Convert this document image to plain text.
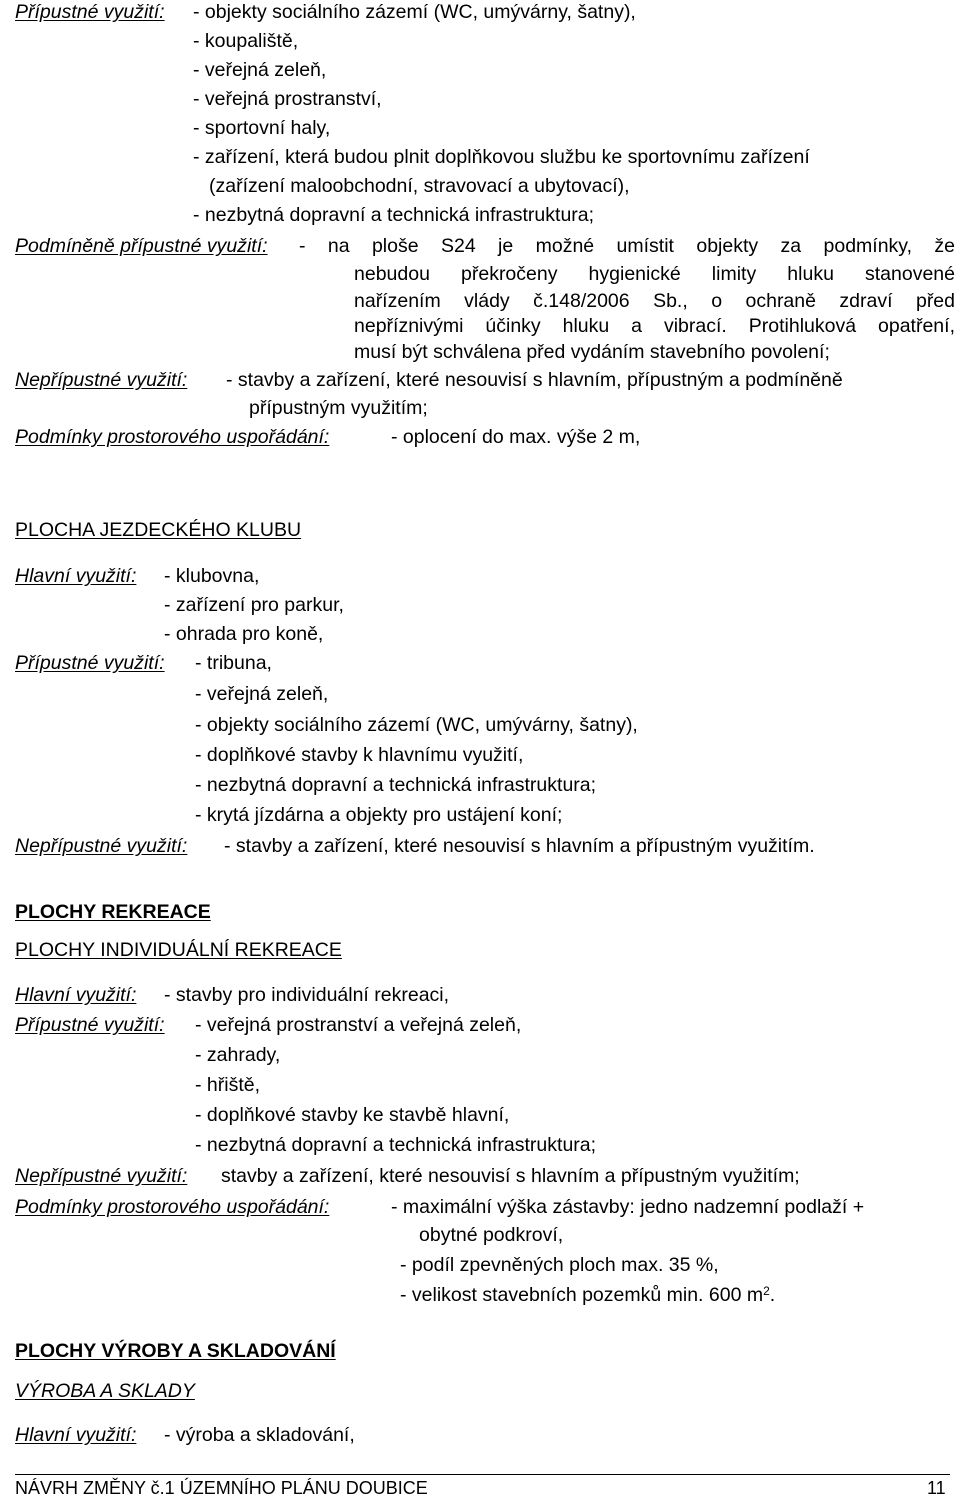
Přípustné využití: - objekty sociálního zázemí (WC, umývárny, šatny),
- koupaliště,
- veřejná zeleň,
- veřejná prostranství,
- sportovní haly,
- zařízení, která budou plnit doplňkovou službu ke sportovnímu zařízení
(zařízení maloobchodní, stravovací a ubytovací),
- nezbytná dopravní a technická infrastruktura;
Podmíněně přípustné využití: - na ploše S24 je možné umístit objekty za podmínky, že
nebudou překročeny hygienické limity hluku stanovené
nařízením vlády č.148/2006 Sb., o ochraně zdraví před
nepříznivými účinky hluku a vibrací. Protihluková opatření,
musí být schválena před vydáním stavebního povolení;
Nepřípustné využití: - stavby a zařízení, které nesouvisí s hlavním, přípustným a podmíněně
přípustným využitím;
Podmínky prostorového uspořádání:	- oplocení do max. výše 2 m,
PLOCHA JEZDECKÉHO KLUBU
Hlavní využití: - klubovna,
- zařízení pro parkur,
- ohrada pro koně,
Přípustné využití: - tribuna,
- veřejná zeleň,
- objekty sociálního zázemí (WC, umývárny, šatny),
- doplňkové stavby k hlavnímu využití,
- nezbytná dopravní a technická infrastruktura;
- krytá jízdárna a objekty pro ustájení koní;
Nepřípustné využití: - stavby a zařízení, které nesouvisí s hlavním a přípustným využitím.
PLOCHY REKREACE
PLOCHY INDIVIDUÁLNÍ REKREACE
Hlavní využití: - stavby pro individuální rekreaci,
Přípustné využití: - veřejná prostranství a veřejná zeleň,
- zahrady,
- hřiště,
- doplňkové stavby ke stavbě hlavní,
- nezbytná dopravní a technická infrastruktura;
Nepřípustné využití: stavby a zařízení, které nesouvisí s hlavním a přípustným využitím;
Podmínky prostorového uspořádání:	- maximální výška zástavby: jedno nadzemní podlaží +
obytné podkroví,
- podíl zpevněných ploch max. 35 %,
- velikost stavebních pozemků min. 600 $m^2$.
PLOCHY VÝROBY A SKLADOVÁNÍ
VÝROBA A SKLADY
Hlavní využití: - výroba a skladování,
NÁVRH ZMĚNY č.1 ÚZEMNÍHO PLÁNU DOUBICE	11
